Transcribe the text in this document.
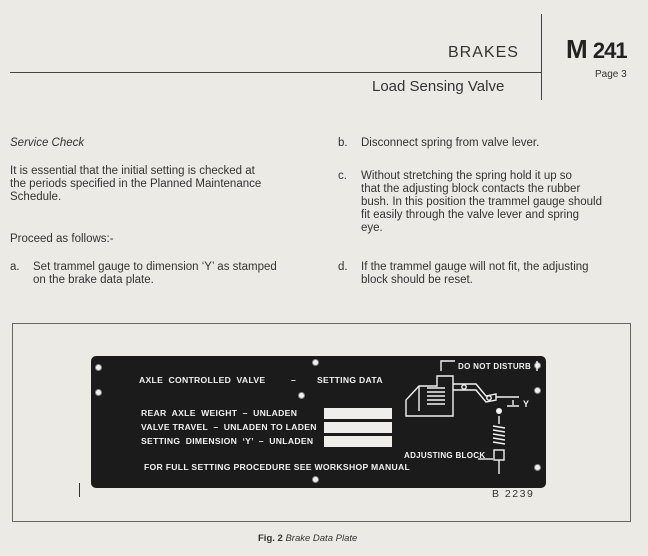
BRAKES
Load Sensing Valve
M 241
Page 3
Service Check
It is essential that the initial setting is checked at
the periods specified in the Planned Maintenance
Schedule.
Proceed as follows:-
a. Set trammel gauge to dimension ‘Y’ as stamped
on the brake data plate.
b. Disconnect spring from valve lever.
c. Without stretching the spring hold it up so
that the adjusting block contacts the rubber
bush. In this position the trammel gauge should
fit easily through the valve lever and spring
eye.
d. If the trammel gauge will not fit, the adjusting
block should be reset.
AXLE  CONTROLLED  VALVE	– SETTING DATA
REAR  AXLE  WEIGHT  –  UNLADEN
VALVE TRAVEL  –  UNLADEN TO LADEN
SETTING  DIMENSION  ‘Y’  –  UNLADEN
FOR FULL SETTING PROCEDURE SEE WORKSHOP MANUAL
DO NOT DISTURB
ADJUSTING BLOCK
Y
B 2239
Fig. 2 Brake Data Plate
